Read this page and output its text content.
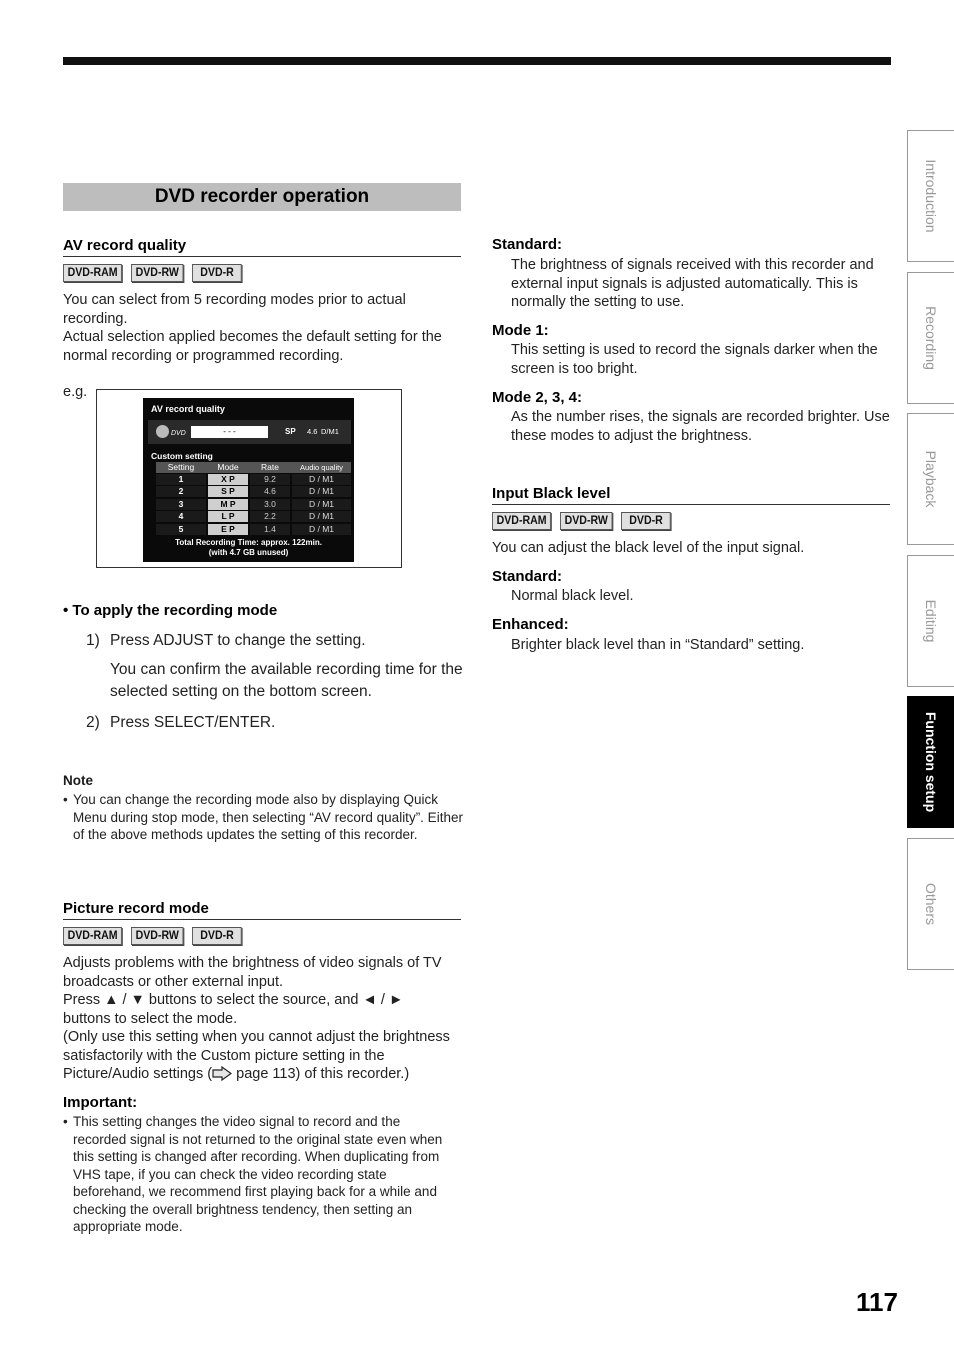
DVD recorder operation
AV record quality
DVD-RAM	DVD-RW	DVD-R
You can select from 5 recording modes prior to actual recording.
Actual selection applied becomes the default setting for the normal recording or programmed recording.
e.g.
AV record quality
DVD	- - -	SP 4.6 D/M1
Custom setting
Setting	Mode	Rate	Audio quality
1	X P	9.2	D / M1
2	S P	4.6	D / M1
3	M P	3.0	D / M1
4	L P	2.2	D / M1
5	E P	1.4	D / M1
Total Recording Time: approx. 122min.
(with 4.7 GB unused)
• To apply the recording mode
1) Press ADJUST to change the setting.
You can confirm the available recording time for the selected setting on the bottom screen.
2) Press SELECT/ENTER.
Note
• You can change the recording mode also by displaying Quick Menu during stop mode, then selecting “AV record quality”. Either of the above methods updates the setting of this recorder.
Picture record mode
DVD-RAM	DVD-RW	DVD-R
Adjusts problems with the brightness of video signals of TV broadcasts or other external input.
Press ▲ / ▼ buttons to select the source, and ◄ / ► buttons to select the mode.
(Only use this setting when you cannot adjust the brightness satisfactorily with the Custom picture setting in the Picture/Audio settings ( page 113) of this recorder.)
Important:
• This setting changes the video signal to record and the recorded signal is not returned to the original state even when this setting is changed after recording. When duplicating from VHS tape, if you can check the video recording state beforehand, we recommend first playing back for a while and checking the overall brightness tendency, then setting an appropriate mode.
Standard:
The brightness of signals received with this recorder and external input signals is adjusted automatically. This is normally the setting to use.
Mode 1:
This setting is used to record the signals darker when the screen is too bright.
Mode 2, 3, 4:
As the number rises, the signals are recorded brighter. Use these modes to adjust the brightness.
Input Black level
DVD-RAM	DVD-RW	DVD-R
You can adjust the black level of the input signal.
Standard:
Normal black level.
Enhanced:
Brighter black level than in “Standard” setting.
Introduction
Recording
Playback
Editing
Function setup
Others
117
